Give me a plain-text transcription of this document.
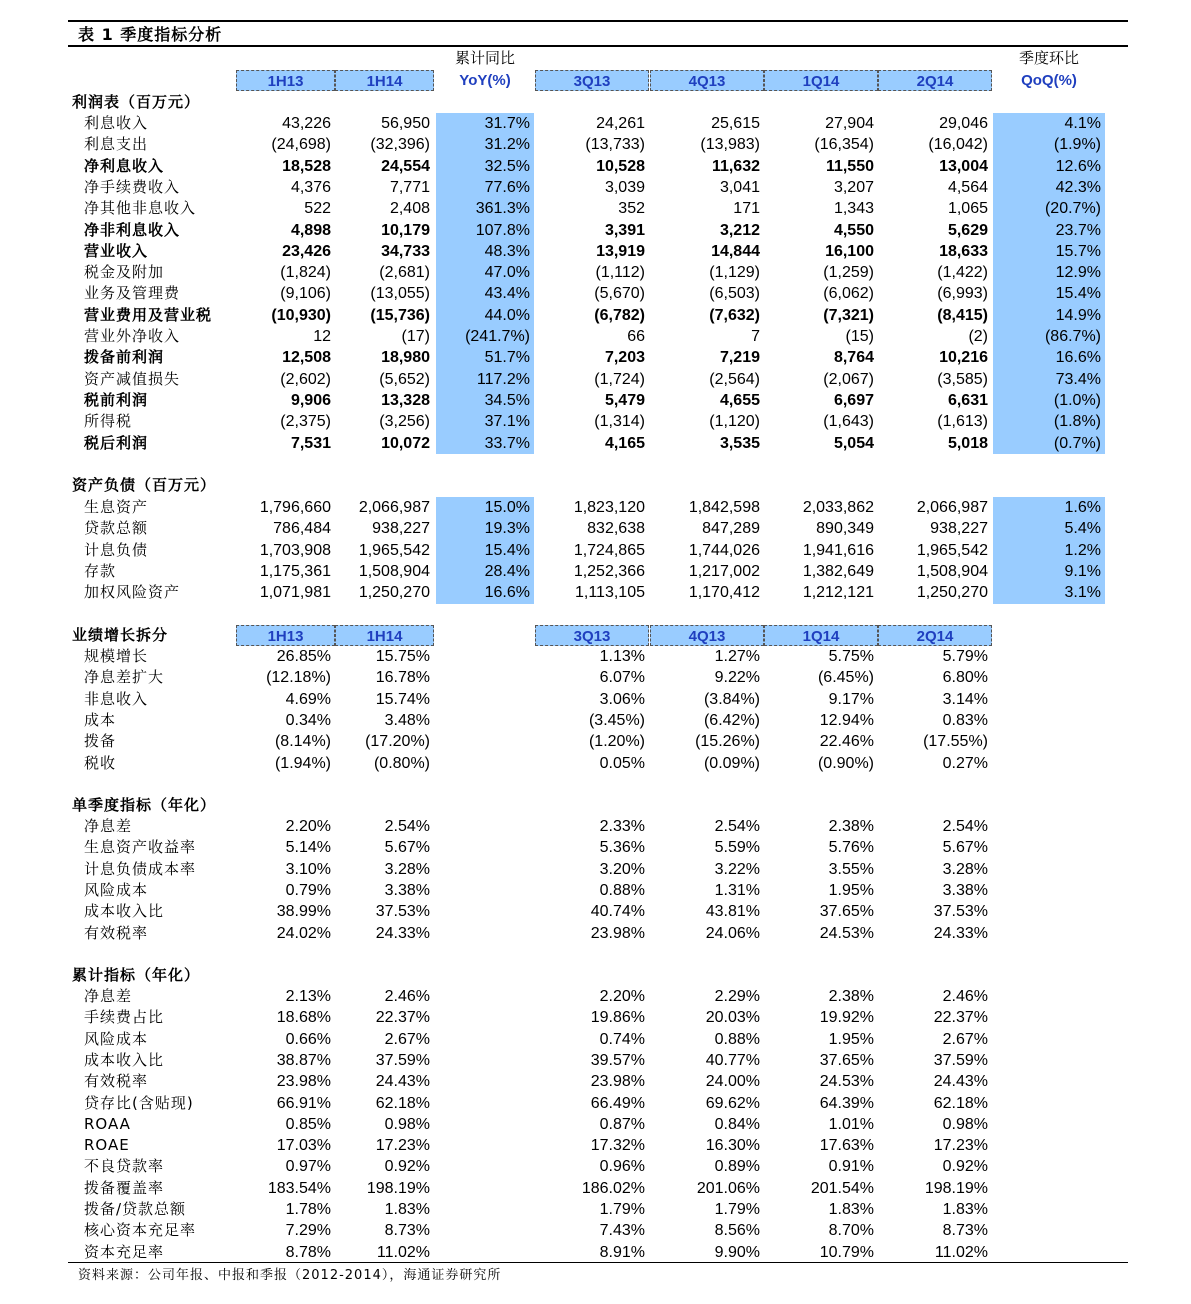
表 1 季度指标分析
累计同比
YoY(%)
季度环比
QoQ(%)
1H13	1H14	3Q13	4Q13	1Q14	2Q14
利润表（百万元）
利息收入	43,226	56,950	31.7%	24,261	25,615	27,904	29,046	4.1%
利息支出	(24,698)	(32,396)	31.2%	(13,733)	(13,983)	(16,354)	(16,042)	(1.9%)
净利息收入	18,528	24,554	32.5%	10,528	11,632	11,550	13,004	12.6%
净手续费收入	4,376	7,771	77.6%	3,039	3,041	3,207	4,564	42.3%
净其他非息收入	522	2,408	361.3%	352	171	1,343	1,065	(20.7%)
净非利息收入	4,898	10,179	107.8%	3,391	3,212	4,550	5,629	23.7%
营业收入	23,426	34,733	48.3%	13,919	14,844	16,100	18,633	15.7%
税金及附加	(1,824)	(2,681)	47.0%	(1,112)	(1,129)	(1,259)	(1,422)	12.9%
业务及管理费	(9,106)	(13,055)	43.4%	(5,670)	(6,503)	(6,062)	(6,993)	15.4%
营业费用及营业税	(10,930)	(15,736)	44.0%	(6,782)	(7,632)	(7,321)	(8,415)	14.9%
营业外净收入	12	(17)	(241.7%)	66	7	(15)	(2)	(86.7%)
拨备前利润	12,508	18,980	51.7%	7,203	7,219	8,764	10,216	16.6%
资产减值损失	(2,602)	(5,652)	117.2%	(1,724)	(2,564)	(2,067)	(3,585)	73.4%
税前利润	9,906	13,328	34.5%	5,479	4,655	6,697	6,631	(1.0%)
所得税	(2,375)	(3,256)	37.1%	(1,314)	(1,120)	(1,643)	(1,613)	(1.8%)
税后利润	7,531	10,072	33.7%	4,165	3,535	5,054	5,018	(0.7%)
资产负债（百万元）
生息资产	1,796,660	2,066,987	15.0%	1,823,120	1,842,598	2,033,862	2,066,987	1.6%
贷款总额	786,484	938,227	19.3%	832,638	847,289	890,349	938,227	5.4%
计息负债	1,703,908	1,965,542	15.4%	1,724,865	1,744,026	1,941,616	1,965,542	1.2%
存款	1,175,361	1,508,904	28.4%	1,252,366	1,217,002	1,382,649	1,508,904	9.1%
加权风险资产	1,071,981	1,250,270	16.6%	1,113,105	1,170,412	1,212,121	1,250,270	3.1%
业绩增长拆分	1H13	1H14	3Q13	4Q13	1Q14	2Q14
规模增长	26.85%	15.75%	1.13%	1.27%	5.75%	5.79%
净息差扩大	(12.18%)	16.78%	6.07%	9.22%	(6.45%)	6.80%
非息收入	4.69%	15.74%	3.06%	(3.84%)	9.17%	3.14%
成本	0.34%	3.48%	(3.45%)	(6.42%)	12.94%	0.83%
拨备	(8.14%)	(17.20%)	(1.20%)	(15.26%)	22.46%	(17.55%)
税收	(1.94%)	(0.80%)	0.05%	(0.09%)	(0.90%)	0.27%
单季度指标（年化）
净息差	2.20%	2.54%	2.33%	2.54%	2.38%	2.54%
生息资产收益率	5.14%	5.67%	5.36%	5.59%	5.76%	5.67%
计息负债成本率	3.10%	3.28%	3.20%	3.22%	3.55%	3.28%
风险成本	0.79%	3.38%	0.88%	1.31%	1.95%	3.38%
成本收入比	38.99%	37.53%	40.74%	43.81%	37.65%	37.53%
有效税率	24.02%	24.33%	23.98%	24.06%	24.53%	24.33%
累计指标（年化）
净息差	2.13%	2.46%	2.20%	2.29%	2.38%	2.46%
手续费占比	18.68%	22.37%	19.86%	20.03%	19.92%	22.37%
风险成本	0.66%	2.67%	0.74%	0.88%	1.95%	2.67%
成本收入比	38.87%	37.59%	39.57%	40.77%	37.65%	37.59%
有效税率	23.98%	24.43%	23.98%	24.00%	24.53%	24.43%
贷存比(含贴现)	66.91%	62.18%	66.49%	69.62%	64.39%	62.18%
ROAA	0.85%	0.98%	0.87%	0.84%	1.01%	0.98%
ROAE	17.03%	17.23%	17.32%	16.30%	17.63%	17.23%
不良贷款率	0.97%	0.92%	0.96%	0.89%	0.91%	0.92%
拨备覆盖率	183.54%	198.19%	186.02%	201.06%	201.54%	198.19%
拨备/贷款总额	1.78%	1.83%	1.79%	1.79%	1.83%	1.83%
核心资本充足率	7.29%	8.73%	7.43%	8.56%	8.70%	8.73%
资本充足率	8.78%	11.02%	8.91%	9.90%	10.79%	11.02%
资料来源：公司年报、中报和季报（2012-2014），海通证券研究所
